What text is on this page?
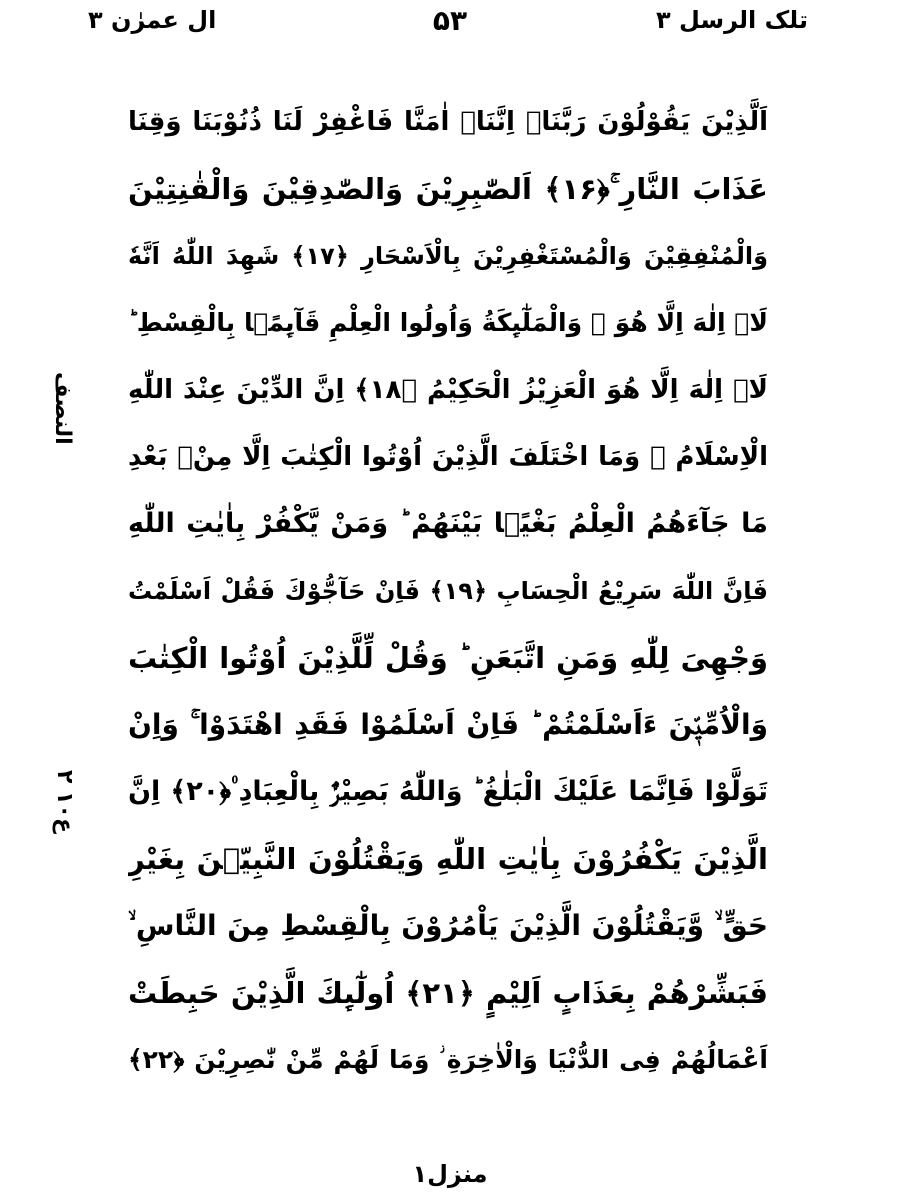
ال عمرٰن ۳	۵۳	تلک الرسل ۳
النصف
ع۱۰ ۲
اَلَّذِیْنَ یَقُوْلُوْنَ رَبَّنَاۤ اِنَّنَاۤ اٰمَنَّا فَاغْفِرْ لَنَا ذُنُوْبَنَا وَقِنَا
عَذَابَ النَّارِ ۚ﴿۱۶﴾ اَلصّٰبِرِیْنَ وَالصّٰدِقِیْنَ وَالْقٰنِتِیْنَ
وَالْمُنْفِقِیْنَ وَالْمُسْتَغْفِرِیْنَ بِالْاَسْحَارِ ﴿۱۷﴾ شَهِدَ اللّٰهُ اَنَّهٗ
لَاۤ اِلٰهَ اِلَّا هُوَ ۙ وَالْمَلٰٓىِٕكَةُ وَاُولُوا الْعِلْمِ قَآىِٕمًۢا بِالْقِسْطِ ؕ
لَاۤ اِلٰهَ اِلَّا هُوَ الْعَزِیْزُ الْحَكِیْمُ ﴿۱۸﴾ اِنَّ الدِّیْنَ عِنْدَ اللّٰهِ
الْاِسْلَامُ ۫ وَمَا اخْتَلَفَ الَّذِیْنَ اُوْتُوا الْكِتٰبَ اِلَّا مِنْۢ بَعْدِ
مَا جَآءَهُمُ الْعِلْمُ بَغْیًۢا بَیْنَهُمْ ؕ وَمَنْ یَّكْفُرْ بِاٰیٰتِ اللّٰهِ
فَاِنَّ اللّٰهَ سَرِیْعُ الْحِسَابِ ﴿۱۹﴾ فَاِنْ حَآجُّوْكَ فَقُلْ اَسْلَمْتُ
وَجْهِیَ لِلّٰهِ وَمَنِ اتَّبَعَنِ ؕ وَقُلْ لِّلَّذِیْنَ اُوْتُوا الْكِتٰبَ
وَالْاُمِّیّٖنَ ءَاَسْلَمْتُمْ ؕ فَاِنْ اَسْلَمُوْا فَقَدِ اهْتَدَوْا ۚ وَاِنْ
تَوَلَّوْا فَاِنَّمَا عَلَیْكَ الْبَلٰغُ ؕ وَاللّٰهُ بَصِیْرٌۢ بِالْعِبَادِ ۠﴿۲۰﴾ اِنَّ
الَّذِیْنَ یَكْفُرُوْنَ بِاٰیٰتِ اللّٰهِ وَیَقْتُلُوْنَ النَّبِیّٖنَ بِغَیْرِ
حَقٍّ ۙ وَّیَقْتُلُوْنَ الَّذِیْنَ یَاْمُرُوْنَ بِالْقِسْطِ مِنَ النَّاسِ ۙ
فَبَشِّرْهُمْ بِعَذَابٍ اَلِیْمٍ ﴿۲۱﴾ اُولٰٓىِٕكَ الَّذِیْنَ حَبِطَتْ
اَعْمَالُهُمْ فِی الدُّنْیَا وَالْاٰخِرَةِ ؗ وَمَا لَهُمْ مِّنْ نّٰصِرِیْنَ ﴿۲۲﴾
منزل۱
